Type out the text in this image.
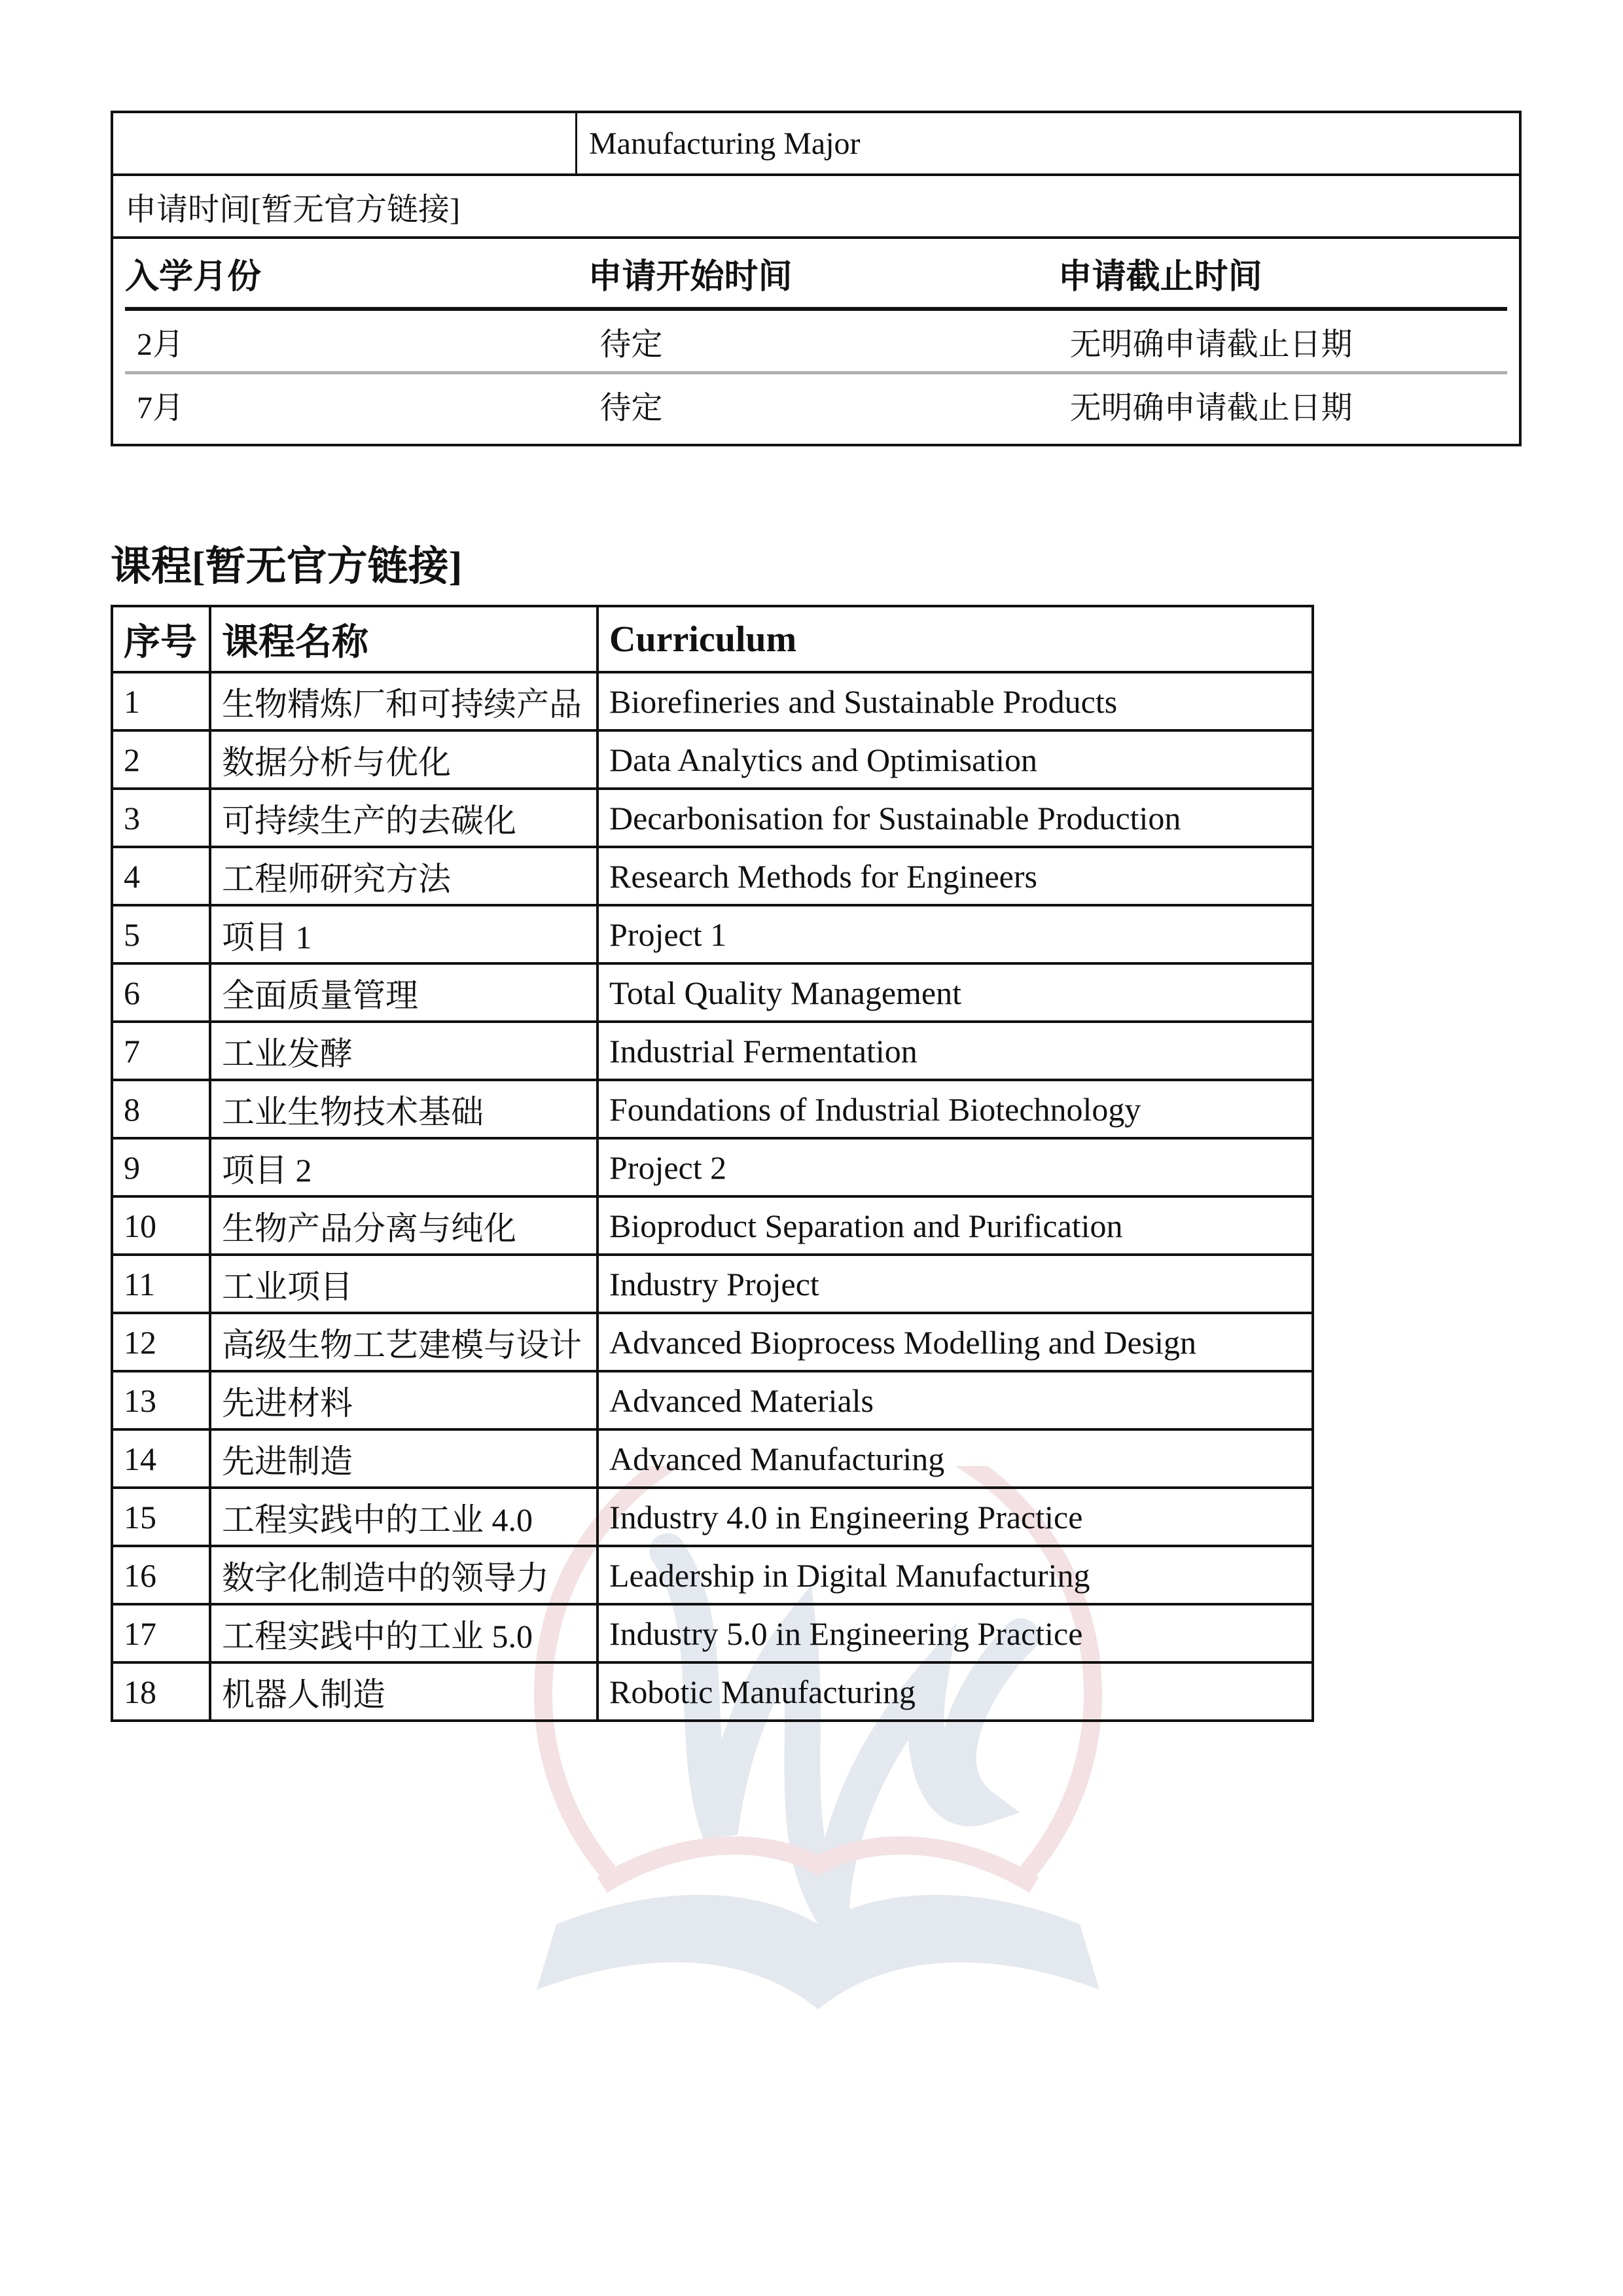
	Manufacturing Major
申请时间[暂无官方链接]

入学月份	申请开始时间	申请截止时间
2月	待定	无明确申请截止日期
7月	待定	无明确申请截止日期
课程[暂无官方链接]
序号	课程名称	Curriculum
1	生物精炼厂和可持续产品	Biorefineries and Sustainable Products
2	数据分析与优化	Data Analytics and Optimisation
3	可持续生产的去碳化	Decarbonisation for Sustainable Production
4	工程师研究方法	Research Methods for Engineers
5	项目 1	Project 1
6	全面质量管理	Total Quality Management
7	工业发酵	Industrial Fermentation
8	工业生物技术基础	Foundations of Industrial Biotechnology
9	项目 2	Project 2
10	生物产品分离与纯化	Bioproduct Separation and Purification
11	工业项目	Industry Project
12	高级生物工艺建模与设计	Advanced Bioprocess Modelling and Design
13	先进材料	Advanced Materials
14	先进制造	Advanced Manufacturing
15	工程实践中的工业 4.0	Industry 4.0 in Engineering Practice
16	数字化制造中的领导力	Leadership in Digital Manufacturing
17	工程实践中的工业 5.0	Industry 5.0 in Engineering Practice
18	机器人制造	Robotic Manufacturing
